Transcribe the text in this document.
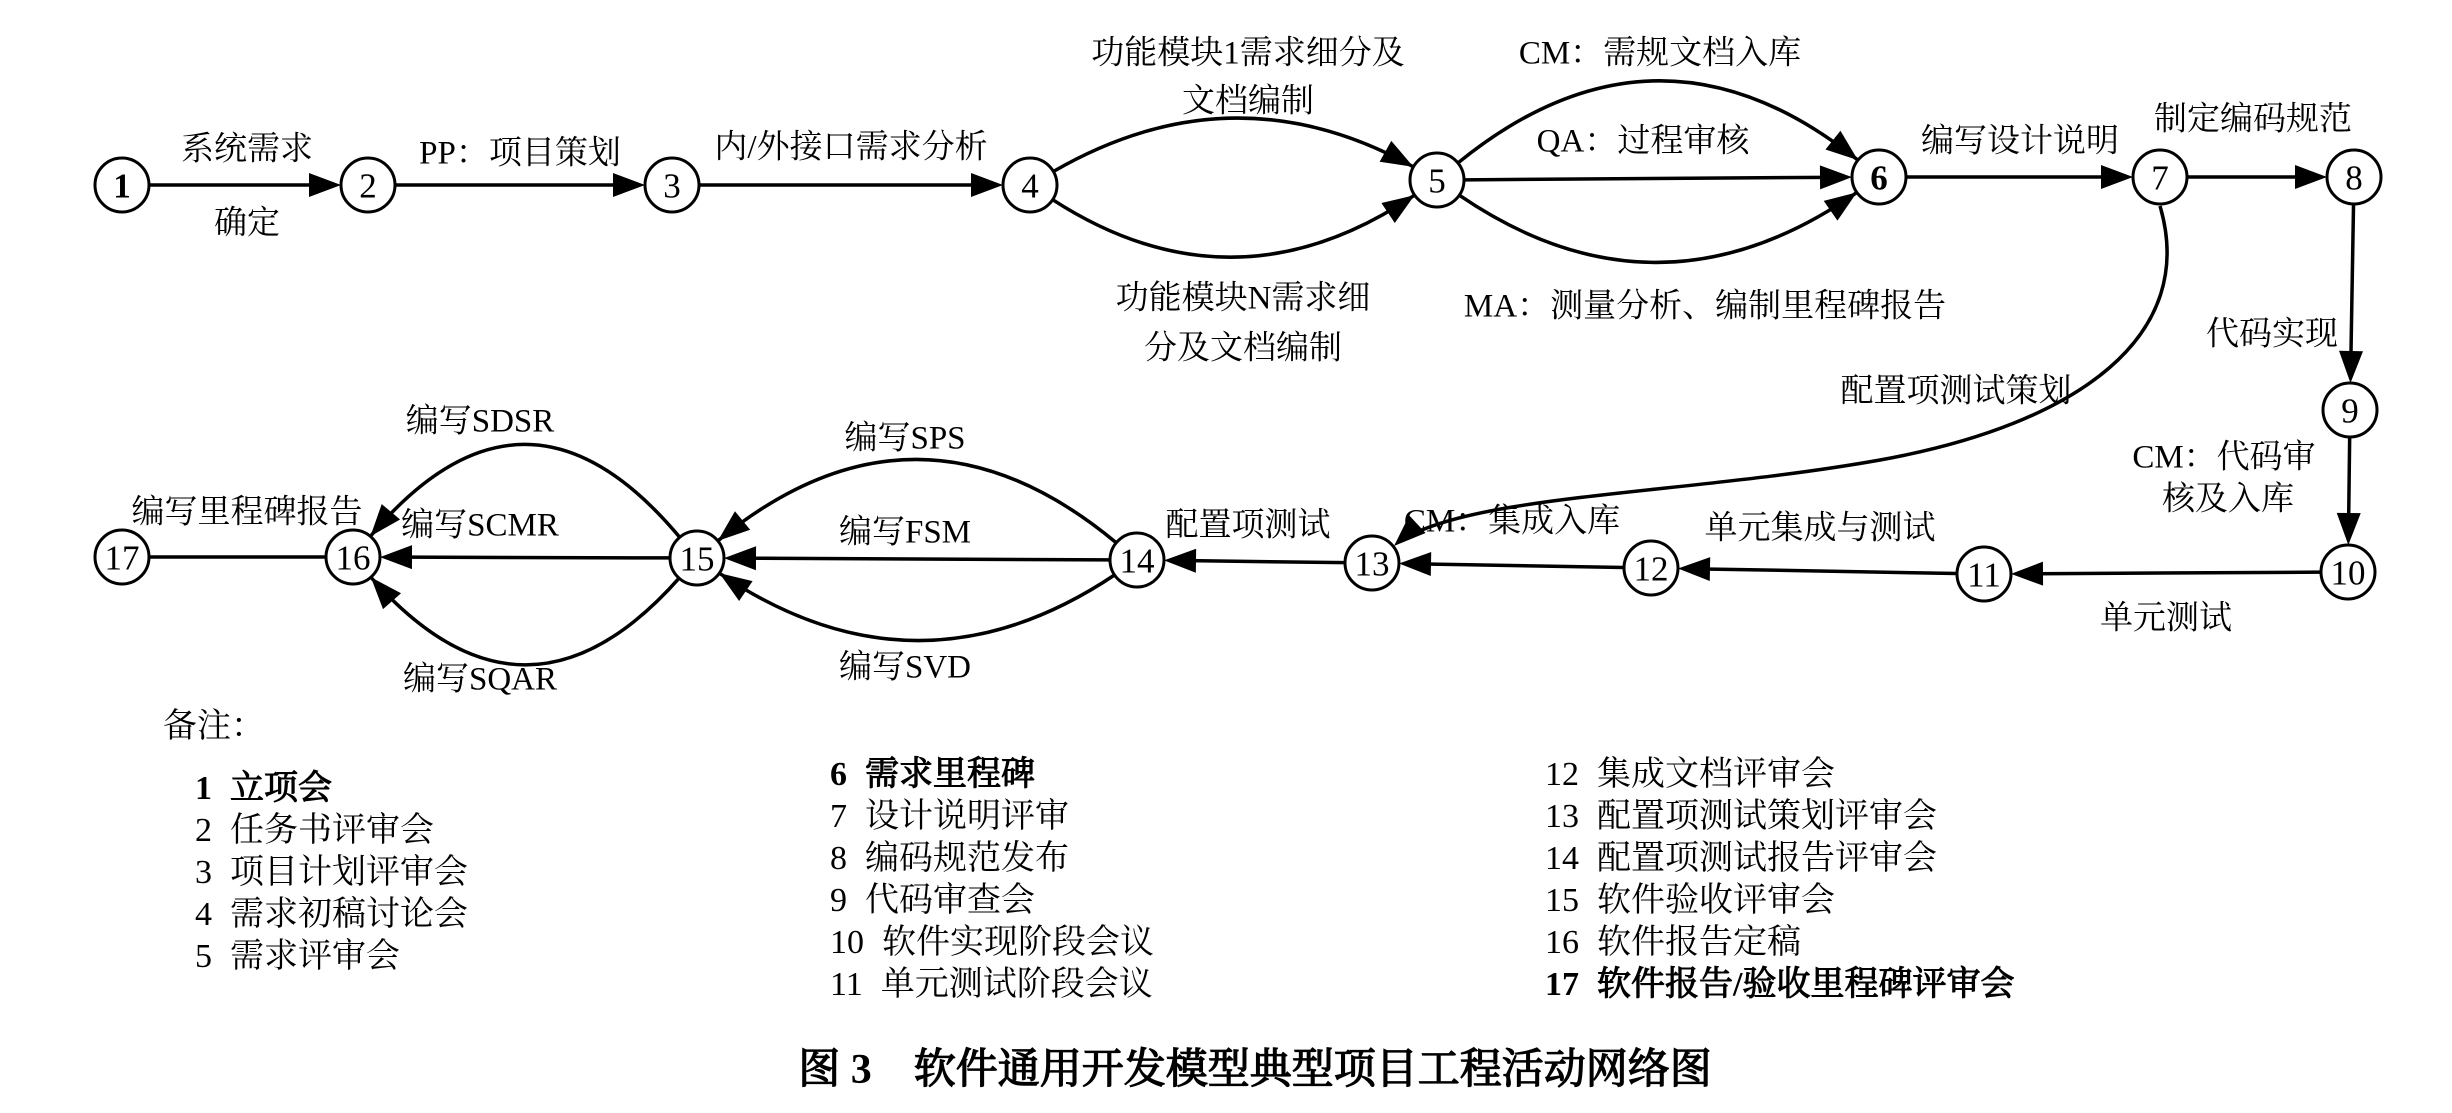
1	2	3	4	5	6	7	8
9
10
11
12
13
14
15
16
17
系统需求
确定
PP：项目策划	内/外接口需求分析
功能模块1需求细分及
文档编制
功能模块N需求细
分及文档编制
CM：需规文档入库
QA：过程审核
MA：测量分析、编制里程碑报告
编写设计说明
制定编码规范
代码实现
CM：代码审
核及入库
单元测试
单元集成与测试
CM：集成入库
配置项测试
编写SPS
编写FSM
编写SVD
编写SDSR
编写SCMR
编写SQAR
编写里程碑报告
配置项测试策划
备注：
1 立项会
2 任务书评审会
3 项目计划评审会
4 需求初稿讨论会
5 需求评审会
6 需求里程碑
7 设计说明评审
8 编码规范发布
9 代码审查会
10 软件实现阶段会议
11 单元测试阶段会议
12 集成文档评审会
13 配置项测试策划评审会
14 配置项测试报告评审会
15 软件验收评审会
16 软件报告定稿
17 软件报告/验收里程碑评审会
图 3　软件通用开发模型典型项目工程活动网络图
